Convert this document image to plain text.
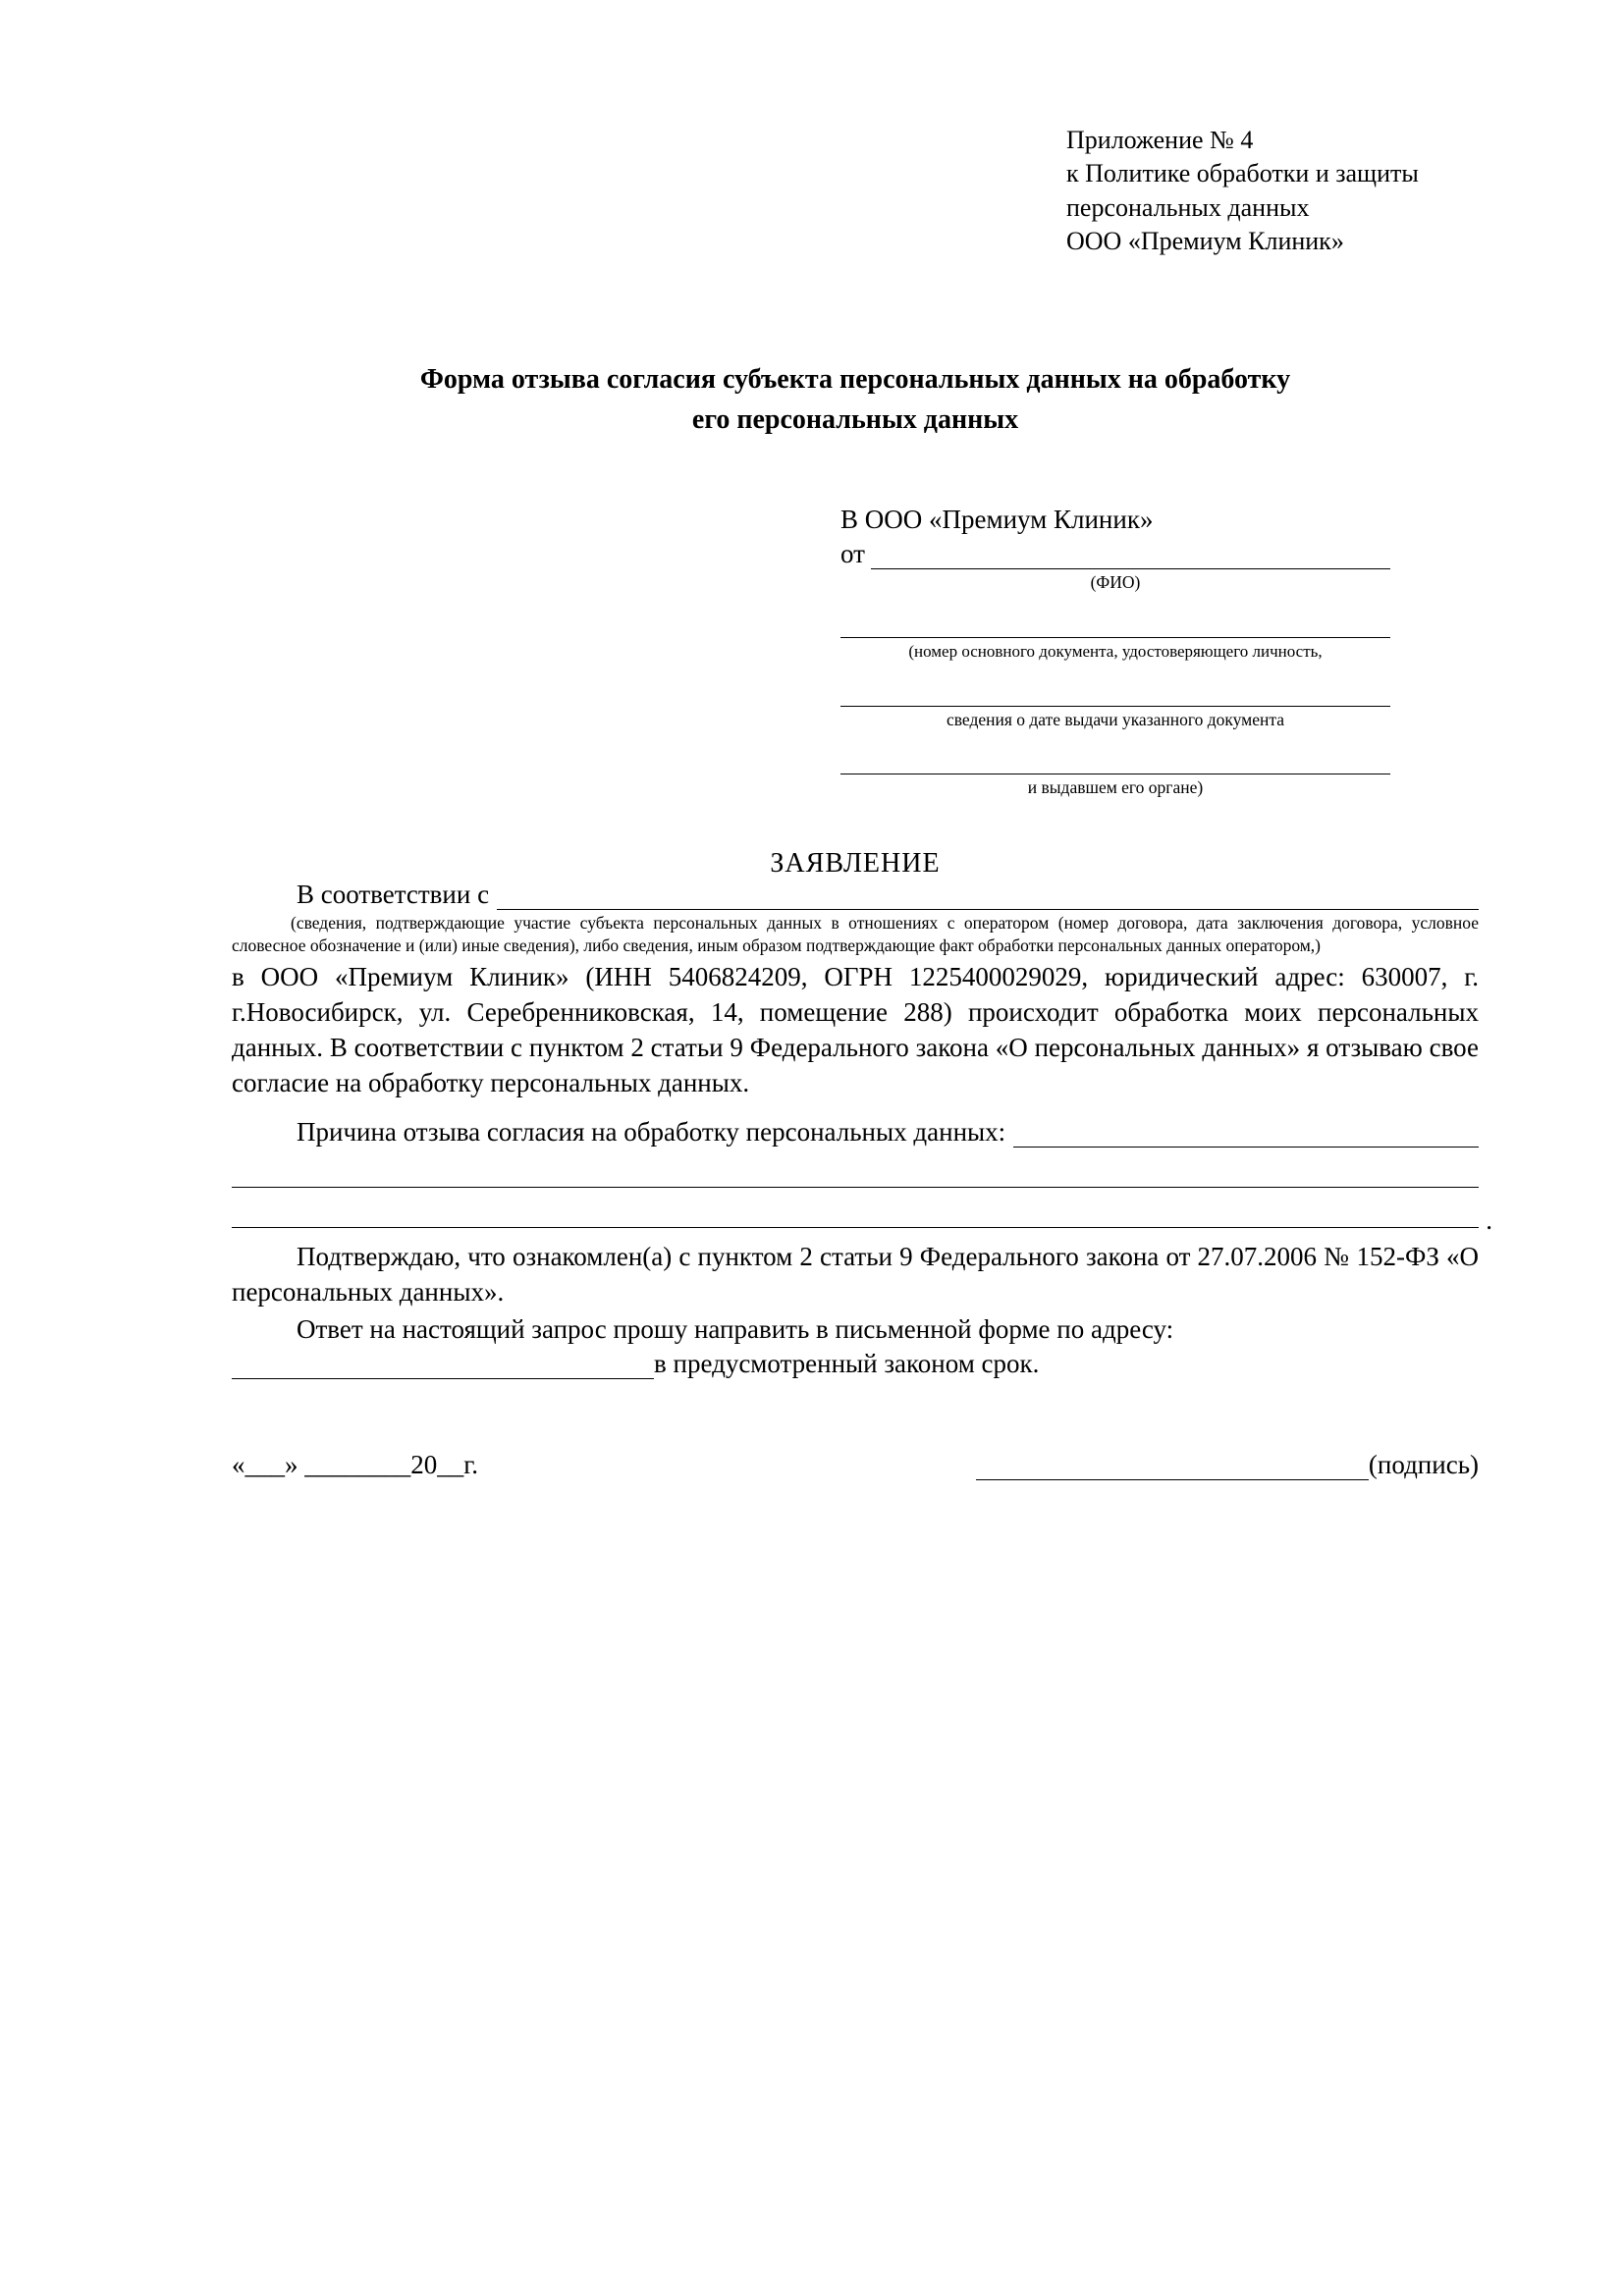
Приложение № 4
к Политике обработки и защиты
персональных данных
ООО «Премиум Клиник»
Форма отзыва согласия субъекта персональных данных на обработку
его персональных данных
В ООО «Премиум Клиник»
от
(ФИО)
(номер основного документа, удостоверяющего личность,
сведения о дате выдачи указанного документа
и выдавшем его органе)
ЗАЯВЛЕНИЕ
В соответствии с
(сведения, подтверждающие участие субъекта персональных данных в отношениях с оператором (номер договора, дата заключения договора, условное словесное обозначение и (или) иные сведения), либо сведения, иным образом подтверждающие факт обработки персональных данных оператором,)
в ООО «Премиум Клиник» (ИНН 5406824209, ОГРН 1225400029029, юридический адрес: 630007, г. г.Новосибирск, ул. Серебренниковская, 14, помещение 288) происходит обработка моих персональных данных. В соответствии с пунктом 2 статьи 9 Федерального закона «О персональных данных» я отзываю свое согласие на обработку персональных данных.
Причина отзыва согласия на обработку персональных данных:
.
Подтверждаю, что ознакомлен(а) с пунктом 2 статьи 9 Федерального закона от 27.07.2006 № 152-ФЗ «О персональных данных».
Ответ на настоящий запрос прошу направить в письменной форме по адресу:
в предусмотренный законом срок.
«___» ________20__г.	(подпись)
